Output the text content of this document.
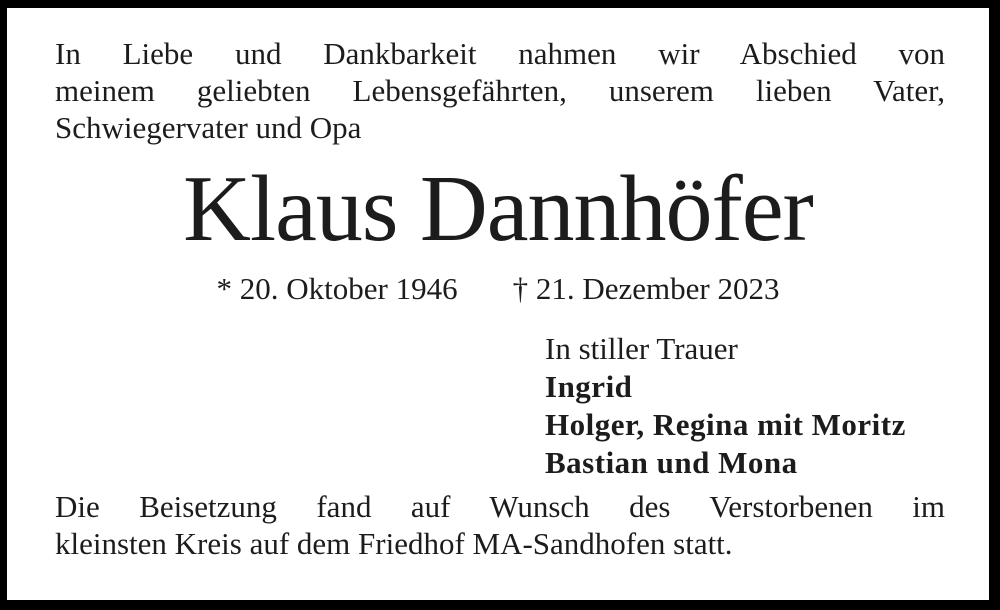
In Liebe und Dankbarkeit nahmen wir Abschied von
meinem geliebten Lebensgefährten, unserem lieben Vater,
Schwiegervater und Opa

Klaus Dannhöfer
* 20. Oktober 1946 † 21. Dezember 2023
In stiller Trauer
Ingrid
Holger, Regina mit Moritz
Bastian und Mona

Die Beisetzung fand auf Wunsch des Verstorbenen im
kleinsten Kreis auf dem Friedhof MA-Sandhofen statt.
